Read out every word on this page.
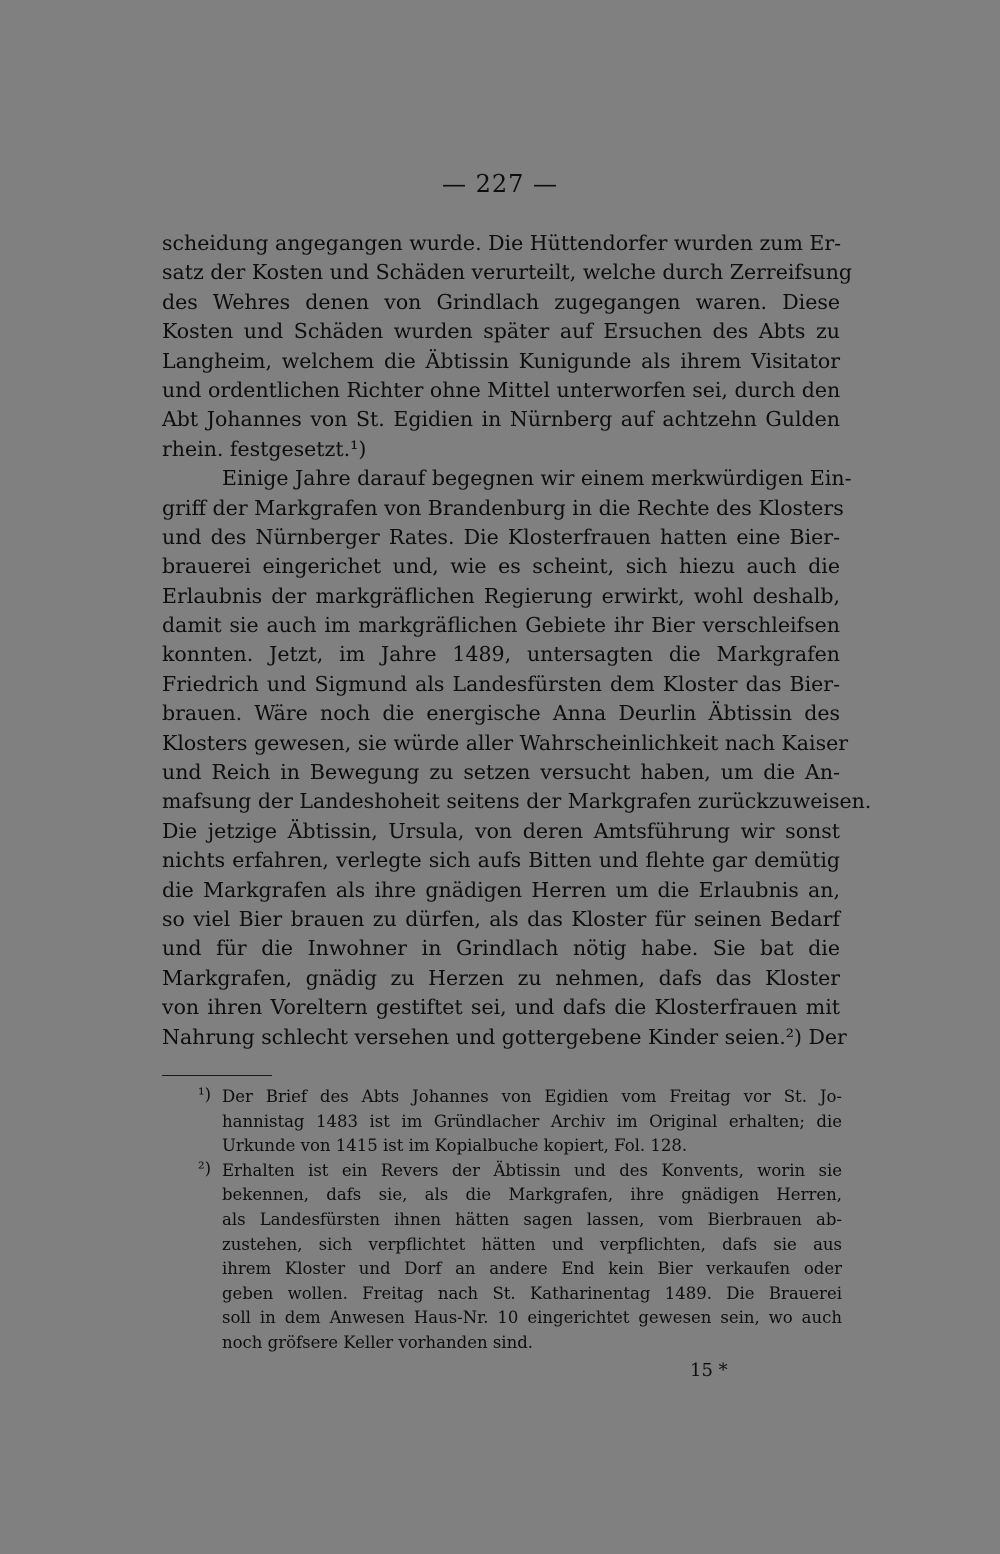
— 227 —
scheidung angegangen wurde. Die Hüttendorfer wurden zum Er-
satz der Kosten und Schäden verurteilt, welche durch Zerreifsung
des Wehres denen von Grindlach zugegangen waren. Diese
Kosten und Schäden wurden später auf Ersuchen des Abts zu
Langheim, welchem die Äbtissin Kunigunde als ihrem Visitator
und ordentlichen Richter ohne Mittel unterworfen sei, durch den
Abt Johannes von St. Egidien in Nürnberg auf achtzehn Gulden
rhein. festgesetzt.¹)
Einige Jahre darauf begegnen wir einem merkwürdigen Ein-
griff der Markgrafen von Brandenburg in die Rechte des Klosters
und des Nürnberger Rates. Die Klosterfrauen hatten eine Bier-
brauerei eingerichet und, wie es scheint, sich hiezu auch die
Erlaubnis der markgräflichen Regierung erwirkt, wohl deshalb,
damit sie auch im markgräflichen Gebiete ihr Bier verschleifsen
konnten. Jetzt, im Jahre 1489, untersagten die Markgrafen
Friedrich und Sigmund als Landesfürsten dem Kloster das Bier-
brauen. Wäre noch die energische Anna Deurlin Äbtissin des
Klosters gewesen, sie würde aller Wahrscheinlichkeit nach Kaiser
und Reich in Bewegung zu setzen versucht haben, um die An-
mafsung der Landeshoheit seitens der Markgrafen zurückzuweisen.
Die jetzige Äbtissin, Ursula, von deren Amtsführung wir sonst
nichts erfahren, verlegte sich aufs Bitten und flehte gar demütig
die Markgrafen als ihre gnädigen Herren um die Erlaubnis an,
so viel Bier brauen zu dürfen, als das Kloster für seinen Bedarf
und für die Inwohner in Grindlach nötig habe. Sie bat die
Markgrafen, gnädig zu Herzen zu nehmen, dafs das Kloster
von ihren Voreltern gestiftet sei, und dafs die Klosterfrauen mit
Nahrung schlecht versehen und gottergebene Kinder seien.²) Der
¹) Der Brief des Abts Johannes von Egidien vom Freitag vor St. Jo-
hannistag 1483 ist im Gründlacher Archiv im Original erhalten; die
Urkunde von 1415 ist im Kopialbuche kopiert, Fol. 128.
²) Erhalten ist ein Revers der Äbtissin und des Konvents, worin sie
bekennen, dafs sie, als die Markgrafen, ihre gnädigen Herren,
als Landesfürsten ihnen hätten sagen lassen, vom Bierbrauen ab-
zustehen, sich verpflichtet hätten und verpflichten, dafs sie aus
ihrem Kloster und Dorf an andere End kein Bier verkaufen oder
geben wollen. Freitag nach St. Katharinentag 1489. Die Brauerei
soll in dem Anwesen Haus-Nr. 10 eingerichtet gewesen sein, wo auch
noch gröfsere Keller vorhanden sind.
15 *
